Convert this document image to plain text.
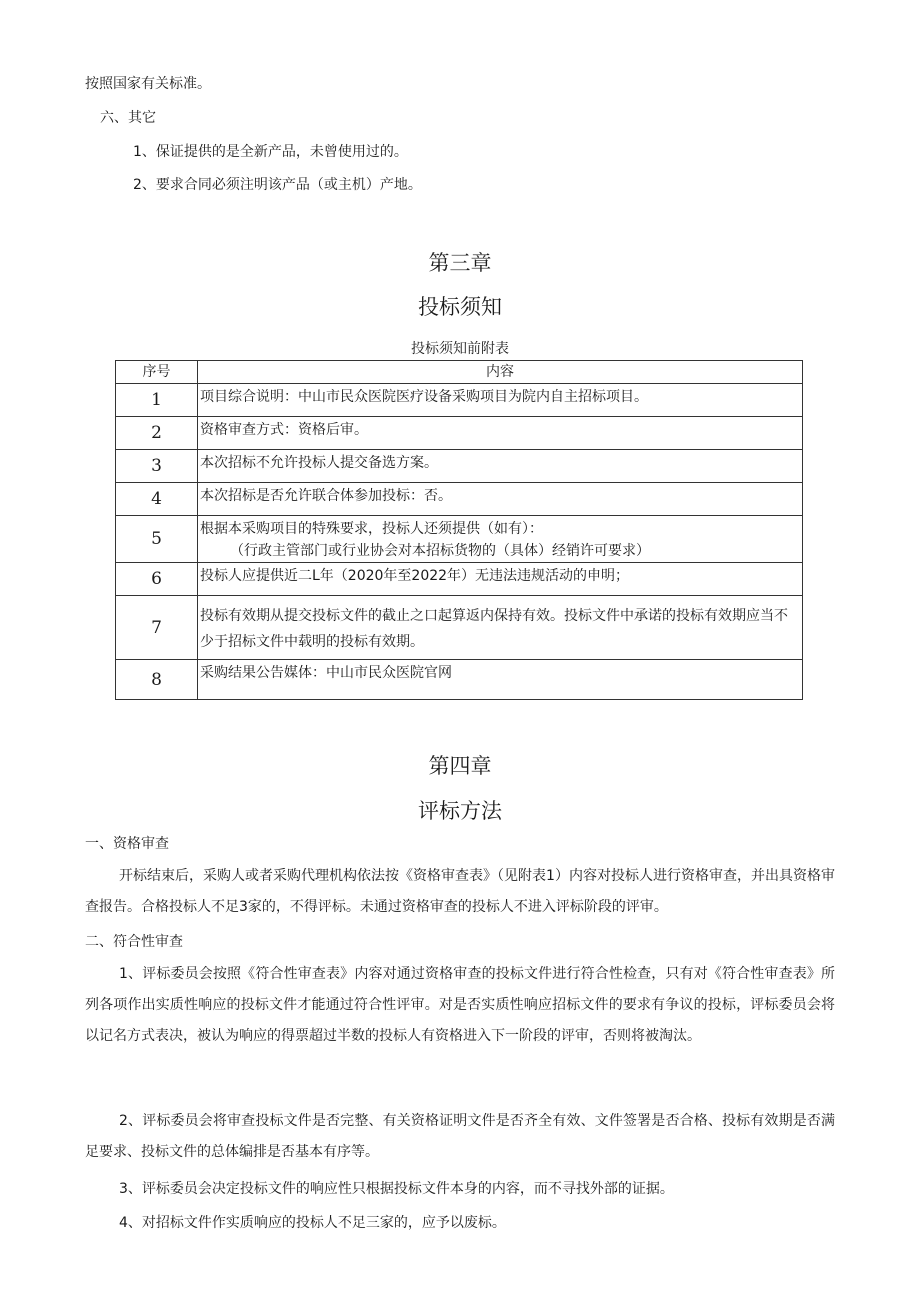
按照国家有关标准。
六、其它
1、保证提供的是全新产品，未曾使用过的。
2、要求合同必须注明该产品（或主机）产地。
第三章
投标须知
投标须知前附表
序号	内容
1	项目综合说明：中山市民众医院医疗设备采购项目为院内自主招标项目。
2	资格审查方式：资格后审。
3	本次招标不允许投标人提交备选方案。
4	本次招标是否允许联合体参加投标：否。
5	根据本采购项目的特殊要求，投标人还须提供（如有）：
（行政主管部门或行业协会对本招标货物的（具体）经销许可要求）

6	投标人应提供近二L年（2020年至2022年）无违法违规活动的申明；
7	投标有效期从提交投标文件的截止之口起算返内保持有效。投标文件中承诺的投标有效期应当不少于招标文件中载明的投标有效期。
8	采购结果公告媒体：中山市民众医院官网
第四章
评标方法
一、资格审查
开标结束后，采购人或者采购代理机构依法按《资格审查表》（见附表1）内容对投标人进行资格审查，并出具资格审查报告。合格投标人不足3家的，不得评标。未通过资格审查的投标人不进入评标阶段的评审。
二、符合性审查
1、评标委员会按照《符合性审查表》内容对通过资格审查的投标文件进行符合性检查，只有对《符合性审查表》所列各项作出实质性响应的投标文件才能通过符合性评审。对是否实质性响应招标文件的要求有争议的投标，评标委员会将以记名方式表决，被认为响应的得票超过半数的投标人有资格进入下一阶段的评审，否则将被淘汰。
2、评标委员会将审查投标文件是否完整、有关资格证明文件是否齐全有效、文件签署是否合格、投标有效期是否满足要求、投标文件的总体编排是否基本有序等。
3、评标委员会决定投标文件的响应性只根据投标文件本身的内容，而不寻找外部的证据。
4、对招标文件作实质响应的投标人不足三家的，应予以废标。
